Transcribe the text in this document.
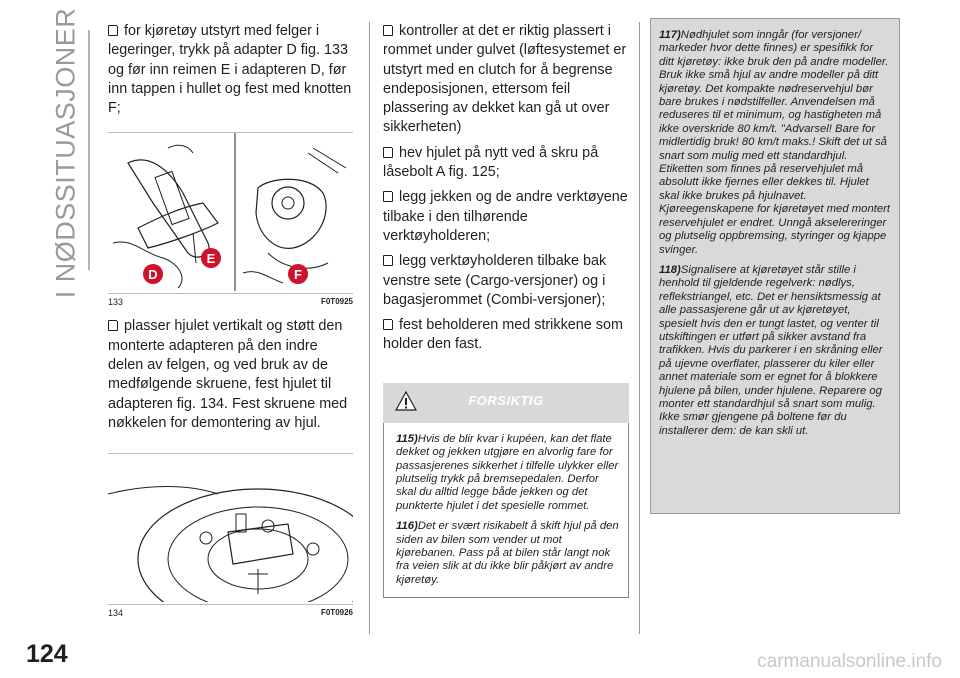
I NØDSSITUASJONER
124

for kjøretøy utstyrt med felger i legeringer, trykk på adapter D fig. 133 og før inn reimen E i adapteren D, før inn tappen i hullet og fest med knotten F;

E
D	F
133	F0T0925

plasser hjulet vertikalt og støtt den monterte adapteren på den indre delen av felgen, og ved bruk av de medfølgende skruene, fest hjulet til adapteren fig. 134. Fest skruene med nøkkelen for demontering av hjul.

134	F0T0926

kontroller at det er riktig plassert i rommet under gulvet (løftesystemet er utstyrt med en clutch for å begrense endeposisjonen, ettersom feil plassering av dekket kan gå ut over sikkerheten)

hev hjulet på nytt ved å skru på låsebolt A fig. 125;

legg jekken og de andre verktøyene tilbake i den tilhørende verktøyholderen;

legg verktøyholderen tilbake bak venstre sete (Cargo-versjoner) og i bagasjerommet (Combi-versjoner);

fest beholderen med strikkene som holder den fast.

FORSIKTIG

115)Hvis de blir kvar i kupéen, kan det flate dekket og jekken utgjøre en alvorlig fare for passasjerenes sikkerhet i tilfelle ulykker eller plutselig trykk på bremsepedalen. Derfor skal du alltid legge både jekken og det punkterte hjulet i det spesielle rommet.

116)Det er svært risikabelt å skift hjul på den siden av bilen som vender ut mot kjørebanen. Pass på at bilen står langt nok fra veien slik at du ikke blir påkjørt av andre kjøretøy.

117)Nødhjulet som inngår (for versjoner/ markeder hvor dette finnes) er spesifikk for ditt kjøretøy: ikke bruk den på andre modeller. Bruk ikke små hjul av andre modeller på ditt kjøretøy. Det kompakte nødreservehjul bør bare brukes i nødstilfeller. Anvendelsen må reduseres til et minimum, og hastigheten må ikke overskride 80 km/t. "Advarsel! Bare for midlertidig bruk! 80 km/t maks.! Skift det ut så snart som mulig med ett standardhjul. Etiketten som finnes på reservehjulet må absolutt ikke fjernes eller dekkes til. Hjulet skal ikke brukes på hjulnavet. Kjøreegenskapene for kjøretøyet med montert reservehjulet er endret. Unngå akselereringer og plutselig oppbremsing, styringer og kjappe svinger.

118)Signalisere at kjøretøyet står stille i henhold til gjeldende regelverk: nødlys, reflekstriangel, etc. Det er hensiktsmessig at alle passasjerene går ut av kjøretøyet, spesielt hvis den er tungt lastet, og venter til utskiftingen er utført på sikker avstand fra trafikken. Hvis du parkerer i en skråning eller på ujevne overflater, plasserer du kiler eller annet materiale som er egnet for å blokkere hjulene på bilen, under hjulene. Reparere og monter ett standardhjul så snart som mulig. Ikke smør gjengene på boltene før du installerer dem: de kan skli ut.

carmanualsonline.info
